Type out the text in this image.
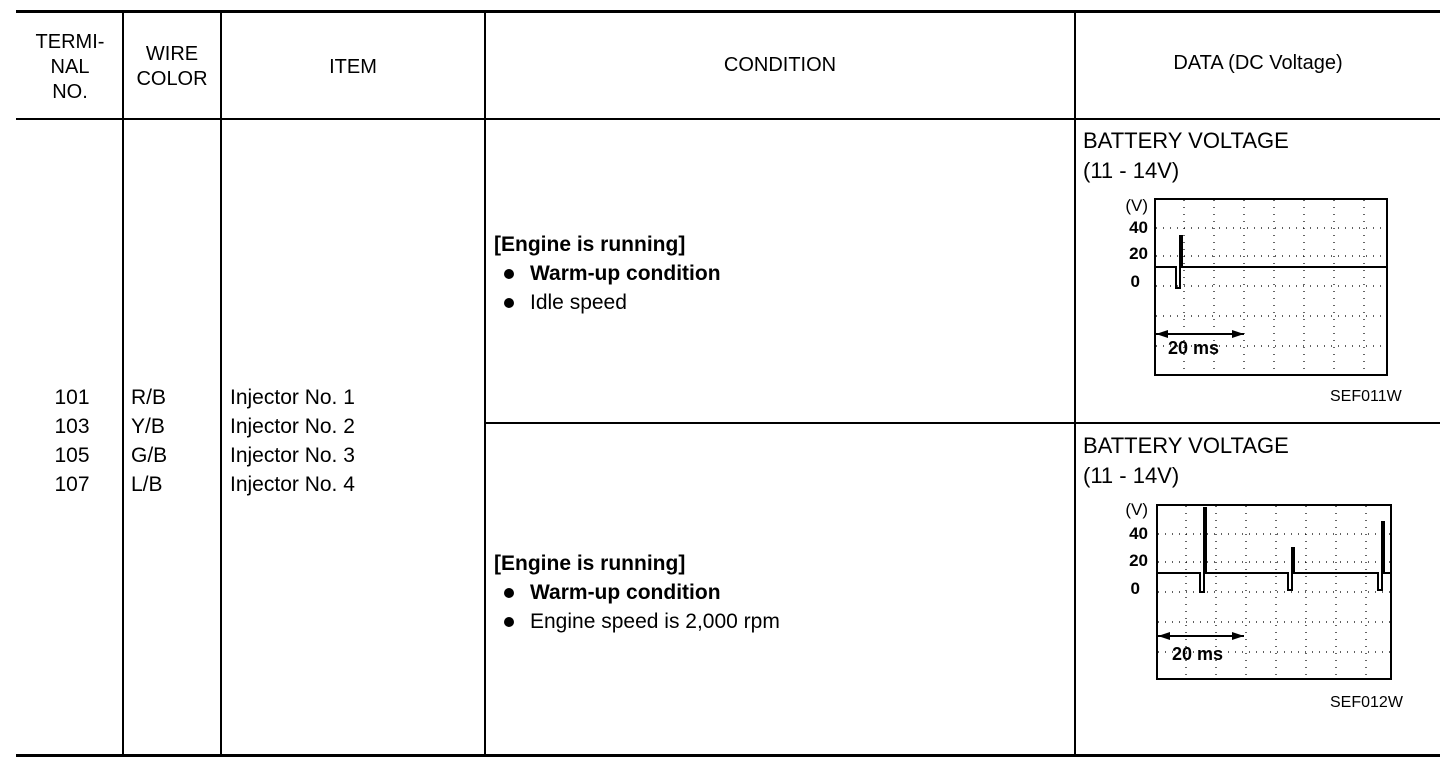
TERMI-
NAL
NO.
WIRE
COLOR
ITEM	CONDITION	DATA (DC Voltage)
101
103
105
107
R/B
Y/B
G/B
L/B
Injector No. 1
Injector No. 2
Injector No. 3
Injector No. 4
[Engine is running]
Warm-up condition
Idle speed
[Engine is running]
Warm-up condition
Engine speed is 2,000 rpm
BATTERY VOLTAGE
(11 - 14V)
(V)
40
20
0
20 ms
SEF011W
BATTERY VOLTAGE
(11 - 14V)
(V)
40
20
0
20 ms
SEF012W
